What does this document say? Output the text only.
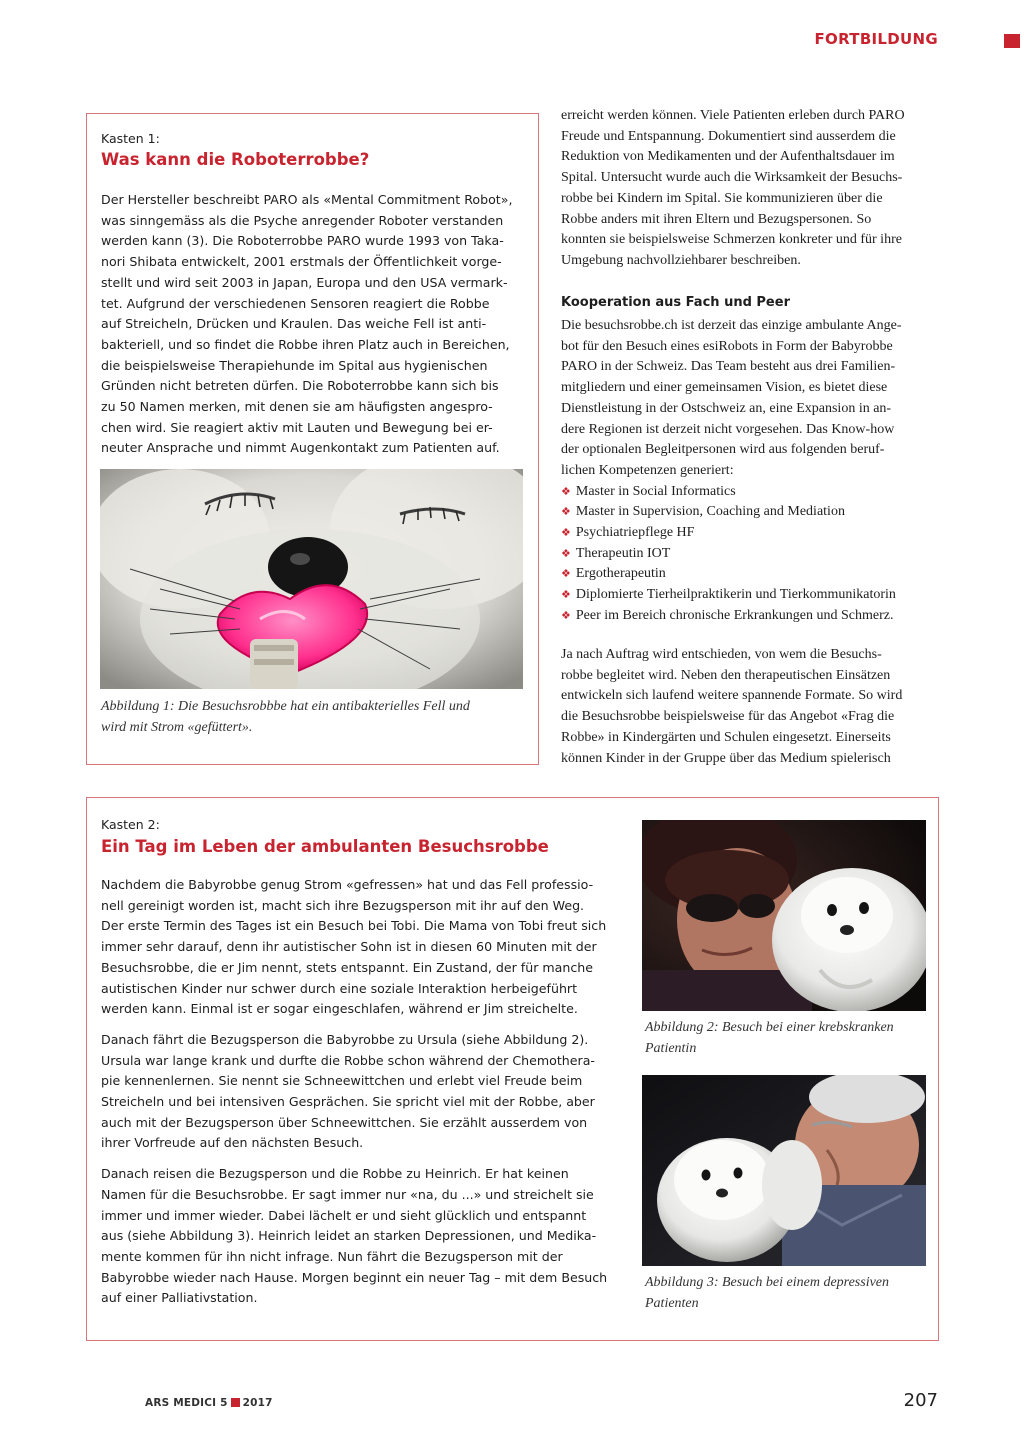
FORTBILDUNG
Kasten 1:
Was kann die Roboterrobbe?
Der Hersteller beschreibt PARO als «Mental Commitment Robot»,
was sinngemäss als die Psyche anregender Roboter verstanden
werden kann (3). Die Roboterrobbe PARO wurde 1993 von Taka-
nori Shibata entwickelt, 2001 erstmals der Öffentlichkeit vorge-
stellt und wird seit 2003 in Japan, Europa und den USA vermark-
tet. Aufgrund der verschiedenen Sensoren reagiert die Robbe
auf Streicheln, Drücken und Kraulen. Das weiche Fell ist anti-
bakteriell, und so findet die Robbe ihren Platz auch in Bereichen,
die beispielsweise Therapiehunde im Spital aus hygienischen
Gründen nicht betreten dürfen. Die Roboterrobbe kann sich bis
zu 50 Namen merken, mit denen sie am häufigsten angespro-
chen wird. Sie reagiert aktiv mit Lauten und Bewegung bei er-
neuter Ansprache und nimmt Augenkontakt zum Patienten auf.
Abbildung 1: Die Besuchsrobbbe hat ein antibakterielles Fell und
wird mit Strom «gefüttert».
erreicht werden können. Viele Patienten erleben durch PARO
Freude und Entspannung. Dokumentiert sind ausserdem die
Reduktion von Medikamenten und der Aufenthaltsdauer im
Spital. Untersucht wurde auch die Wirksamkeit der Besuchs-
robbe bei Kindern im Spital. Sie kommunizieren über die
Robbe anders mit ihren Eltern und Bezugspersonen. So
konnten sie beispielsweise Schmerzen konkreter und für ihre
Umgebung nachvollziehbarer beschreiben.
Kooperation aus Fach und Peer
Die besuchsrobbe.ch ist derzeit das einzige ambulante Ange-
bot für den Besuch eines esiRobots in Form der Babyrobbe
PARO in der Schweiz. Das Team besteht aus drei Familien-
mitgliedern und einer gemeinsamen Vision, es bietet diese
Dienstleistung in der Ostschweiz an, eine Expansion in an-
dere Regionen ist derzeit nicht vorgesehen. Das Know-how
der optionalen Begleitpersonen wird aus folgenden beruf-
lichen Kompetenzen generiert:
❖ Master in Social Informatics
❖ Master in Supervision, Coaching and Mediation
❖ Psychiatriepflege HF
❖ Therapeutin IOT
❖ Ergotherapeutin
❖ Diplomierte Tierheilpraktikerin und Tierkommunikatorin
❖ Peer im Bereich chronische Erkrankungen und Schmerz.
Ja nach Auftrag wird entschieden, von wem die Besuchs-
robbe begleitet wird. Neben den therapeutischen Einsätzen
entwickeln sich laufend weitere spannende Formate. So wird
die Besuchsrobbe beispielsweise für das Angebot «Frag die
Robbe» in Kindergärten und Schulen eingesetzt. Einerseits
können Kinder in der Gruppe über das Medium spielerisch
Kasten 2:
Ein Tag im Leben der ambulanten Besuchsrobbe
Nachdem die Babyrobbe genug Strom «gefressen» hat und das Fell professio-
nell gereinigt worden ist, macht sich ihre Bezugsperson mit ihr auf den Weg.
Der erste Termin des Tages ist ein Besuch bei Tobi. Die Mama von Tobi freut sich
immer sehr darauf, denn ihr autistischer Sohn ist in diesen 60 Minuten mit der
Besuchsrobbe, die er Jim nennt, stets entspannt. Ein Zustand, der für manche
autistischen Kinder nur schwer durch eine soziale Interaktion herbeigeführt
werden kann. Einmal ist er sogar eingeschlafen, während er Jim streichelte.
Danach fährt die Bezugsperson die Babyrobbe zu Ursula (siehe Abbildung 2).
Ursula war lange krank und durfte die Robbe schon während der Chemothera-
pie kennenlernen. Sie nennt sie Schneewittchen und erlebt viel Freude beim
Streicheln und bei intensiven Gesprächen. Sie spricht viel mit der Robbe, aber
auch mit der Bezugsperson über Schneewittchen. Sie erzählt ausserdem von
ihrer Vorfreude auf den nächsten Besuch.
Danach reisen die Bezugsperson und die Robbe zu Heinrich. Er hat keinen
Namen für die Besuchsrobbe. Er sagt immer nur «na, du ...» und streichelt sie
immer und immer wieder. Dabei lächelt er und sieht glücklich und entspannt
aus (siehe Abbildung 3). Heinrich leidet an starken Depressionen, und Medika-
mente kommen für ihn nicht infrage. Nun fährt die Bezugsperson mit der
Babyrobbe wieder nach Hause. Morgen beginnt ein neuer Tag – mit dem Besuch
auf einer Palliativstation.
Abbildung 2: Besuch bei einer krebskranken
Patientin
Abbildung 3: Besuch bei einem depressiven
Patienten
ARS MEDICI 5 2017	207
